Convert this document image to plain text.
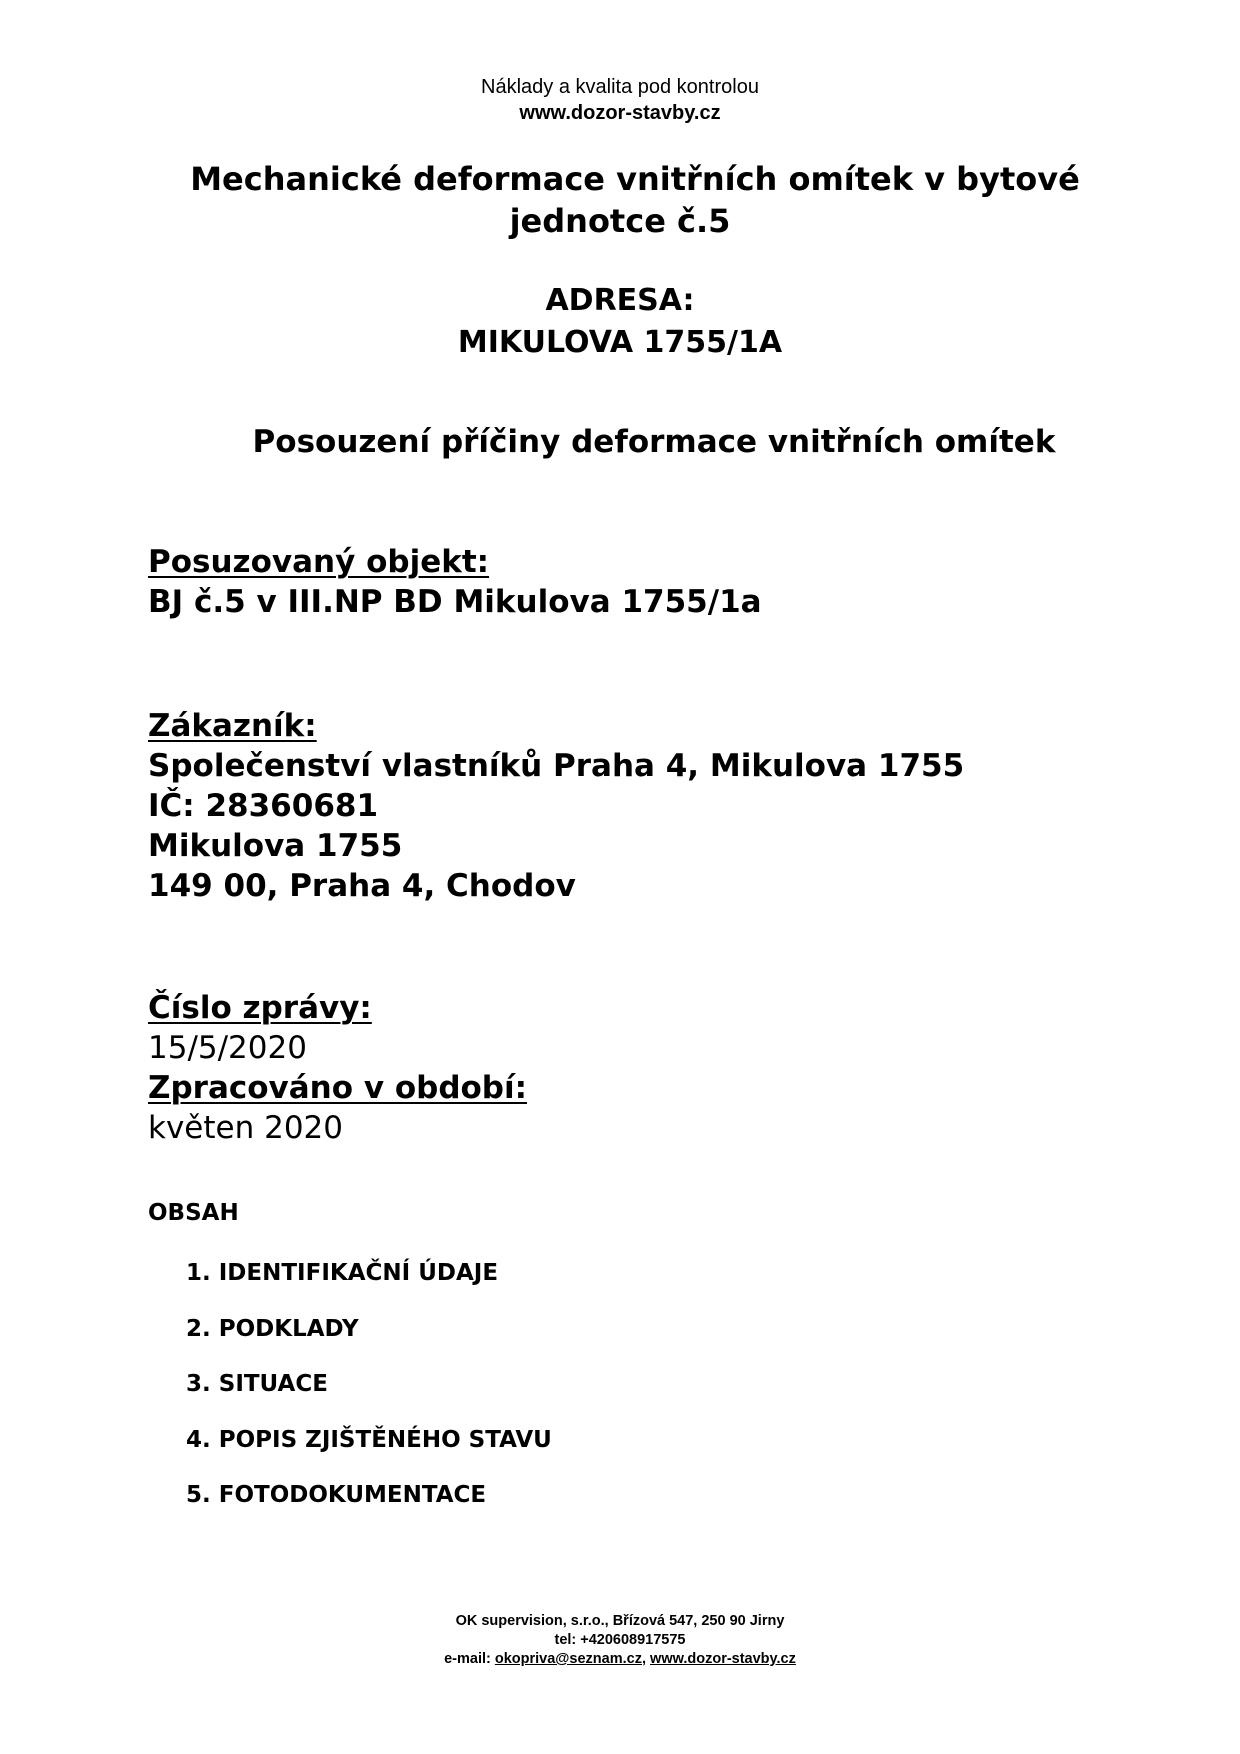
Náklady a kvalita pod kontrolou
www.dozor-stavby.cz
Mechanické deformace vnitřních omítek v bytové
jednotce č.5
ADRESA:
MIKULOVA 1755/1A
Posouzení příčiny deformace vnitřních omítek
Posuzovaný objekt:
BJ č.5 v III.NP BD Mikulova 1755/1a
Zákazník:
Společenství vlastníků Praha 4, Mikulova 1755
IČ: 28360681
Mikulova 1755
149 00, Praha 4, Chodov
Číslo zprávy:
15/5/2020
Zpracováno v období:
květen 2020
OBSAH
1. IDENTIFIKAČNÍ ÚDAJE
2. PODKLADY
3. SITUACE
4. POPIS ZJIŠTĚNÉHO STAVU
5. FOTODOKUMENTACE
OK supervision, s.r.o., Břízová 547, 250 90 Jirny
tel: +420608917575
e-mail: okopriva@seznam.cz, www.dozor-stavby.cz
